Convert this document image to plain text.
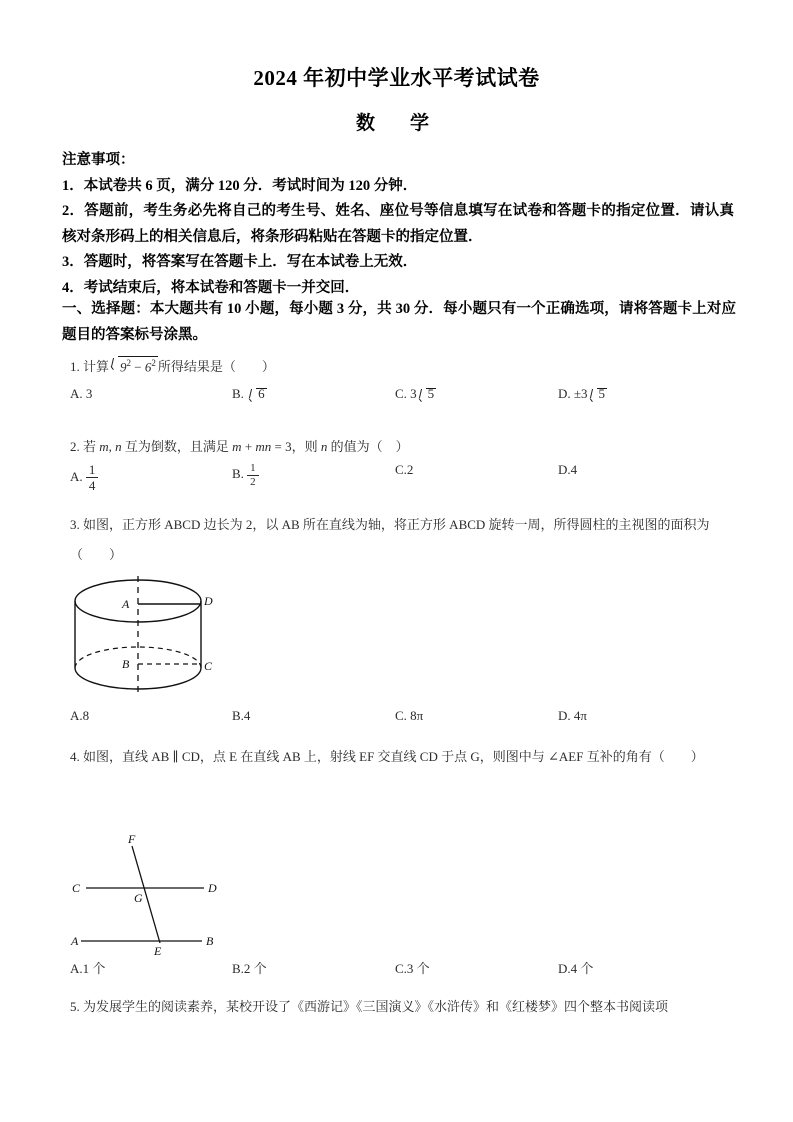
2024 年初中学业水平考试试卷
数　学

注意事项：

1．本试卷共 6 页，满分 120 分．考试时间为 120 分钟．

2．答题前，考生务必先将自己的考生号、姓名、座位号等信息填写在试卷和答题卡的指定位置．请认真核对条形码上的相关信息后，将条形码粘贴在答题卡的指定位置．

3．答题时，将答案写在答题卡上．写在本试卷上无效．

4．考试结束后，将本试卷和答题卡一并交回．

一、选择题：本大题共有 10 小题，每小题 3 分，共 30 分．每小题只有一个正确选项，请将答题卡上对应题目的答案标号涂黑。
1. 计算 $9^2 - 6^2$ 所得结果是（　　）
A. 3	B. 6	C. 3 5	D. ±3 5
2. 若 m, n 互为倒数，且满足 m + mn = 3，则 n 的值为（    ）
A. $\frac{1}{4}$	B. $\frac{1}{2}$	C.2	D.4
3. 如图，正方形 ABCD 边长为 2，以 AB 所在直线为轴，将正方形 ABCD 旋转一周，所得圆柱的主视图的面积为（　　）
A	D
B	C
A.8	B.4	C. 8π	D. 4π
4. 如图，直线 AB ∥ CD，点 E 在直线 AB 上，射线 EF 交直线 CD 于点 G，则图中与 ∠AEF 互补的角有（　　）
F
C	D
G
A	B
E
A.1 个	B.2 个	C.3 个	D.4 个
5. 为发展学生的阅读素养，某校开设了《西游记》《三国演义》《水浒传》和《红楼梦》四个整本书阅读项
